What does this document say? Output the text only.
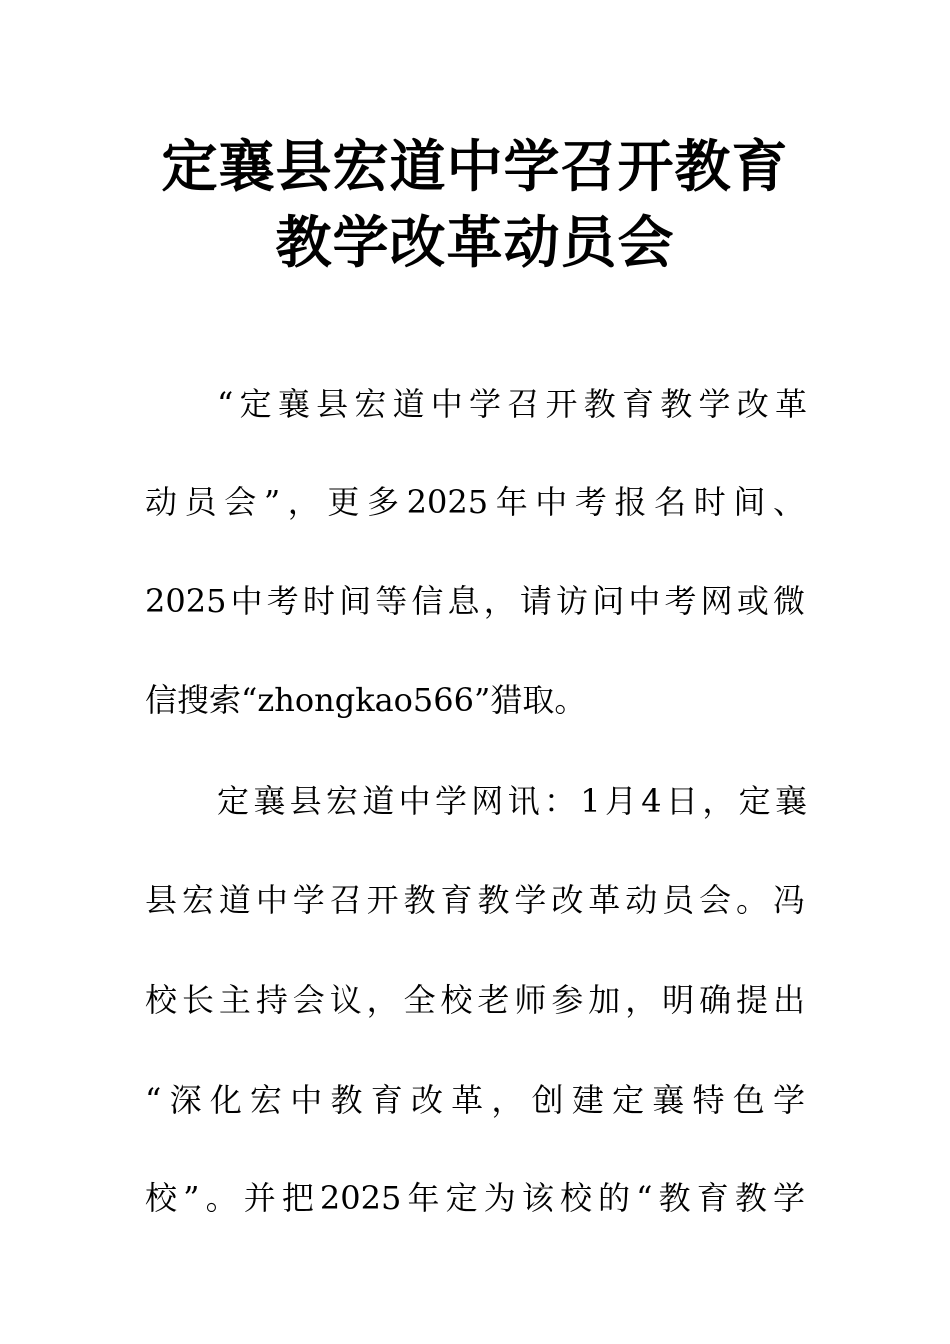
定襄县宏道中学召开教育
教学改革动员会

“定襄县宏道中学召开教育教学改革

动员会”，更多2025年中考报名时间、

2025中考时间等信息，请访问中考网或微

信搜索“zhongkao566”猎取。

定襄县宏道中学网讯：1月4日，定襄

县宏道中学召开教育教学改革动员会。冯

校长主持会议，全校老师参加，明确提出

“深化宏中教育改革，创建定襄特色学

校”。并把2025年定为该校的“教育教学
